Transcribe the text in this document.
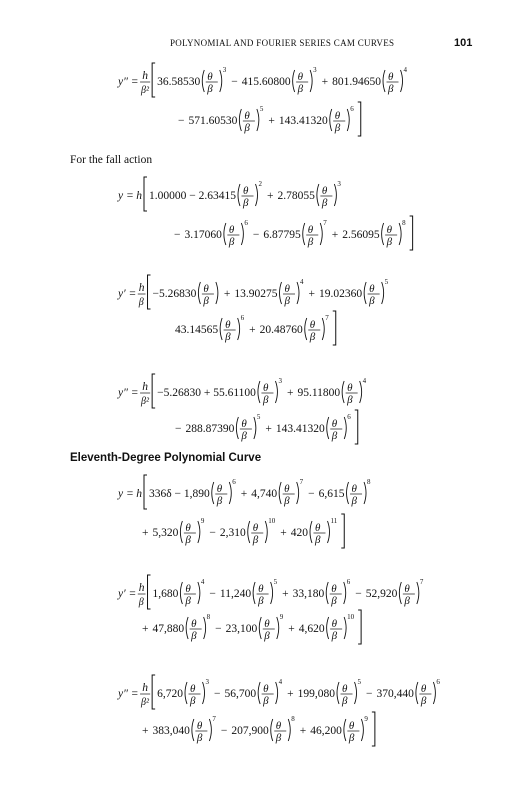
POLYNOMIAL AND FOURIER SERIES CAM CURVES	101
For the fall action
Eleventh-Degree Polynomial Curve
y″ = h
β²
36.58530 θ
β
3
− 415.60800 θ
β
3
+ 801.94650 θ
β
4
− 571.60530 θ
β
5
+ 143.41320 θ
β
6
y = h 1.00000 − 2.63415 θ
β
2
+ 2.78055 θ
β
3
− 3.17060 θ
β
6
− 6.87795 θ
β
7
+ 2.56095 θ
β
8
y′ = h
β
−5.26830 θ
β
+ 13.90275 θ
β
4
+ 19.02360 θ
β
5
43.14565 θ
β
6
+ 20.48760 θ
β
7
y″ = h
β²
−5.26830 + 55.61100 θ
β
3
+ 95.11800 θ
β
4
− 288.87390 θ
β
5
+ 143.41320 θ
β
6
y = h 336δ − 1,890 θ
β
6
+ 4,740 θ
β
7
− 6,615 θ
β
8
+ 5,320 θ
β
9
− 2,310 θ
β
10
+ 420 θ
β
11
y′ = h
β
1,680 θ
β
4
− 11,240 θ
β
5
+ 33,180 θ
β
6
− 52,920 θ
β
7
+ 47,880 θ
β
8
− 23,100 θ
β
9
+ 4,620 θ
β
10
y″ = h
β²
6,720 θ
β
3
− 56,700 θ
β
4
+ 199,080 θ
β
5
− 370,440 θ
β
6
+ 383,040 θ
β
7
− 207,900 θ
β
8
+ 46,200 θ
β
9
